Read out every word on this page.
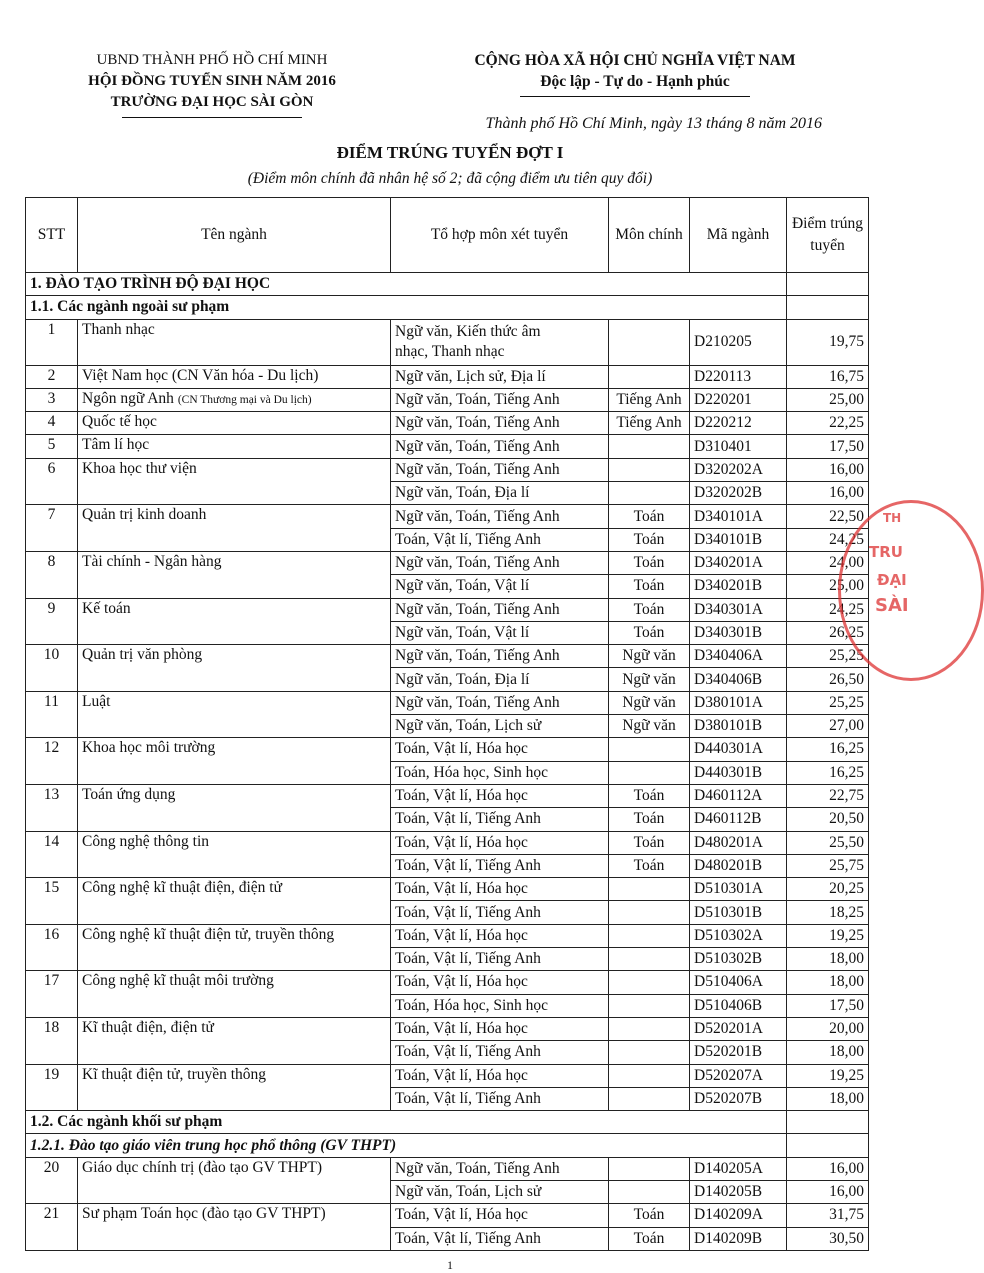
UBND THÀNH PHỐ HỒ CHÍ MINH
HỘI ĐỒNG TUYỂN SINH NĂM 2016
TRƯỜNG ĐẠI HỌC SÀI GÒN
CỘNG HÒA XÃ HỘI CHỦ NGHĨA VIỆT NAM
Độc lập - Tự do - Hạnh phúc
Thành phố Hồ Chí Minh, ngày 13 tháng 8 năm 2016
ĐIỂM TRÚNG TUYỂN ĐỢT I
(Điểm môn chính đã nhân hệ số 2; đã cộng điểm ưu tiên quy đổi)
STT	Tên ngành	Tổ hợp môn xét tuyển	Môn chính	Mã ngành	Điểm trúng tuyển
1. ĐÀO TẠO TRÌNH ĐỘ ĐẠI HỌC					
1.1. Các ngành ngoài sư phạm					
1	Thanh nhạc	Ngữ văn, Kiến thức âm
nhạc, Thanh nhạc		D210205	19,75
2	Việt Nam học (CN Văn hóa - Du lịch)	Ngữ văn, Lịch sử, Địa lí		D220113	16,75
3	Ngôn ngữ Anh (CN Thương mại và Du lịch)	Ngữ văn, Toán, Tiếng Anh	Tiếng Anh	D220201	25,00
4	Quốc tế học	Ngữ văn, Toán, Tiếng Anh	Tiếng Anh	D220212	22,25
5	Tâm lí học	Ngữ văn, Toán, Tiếng Anh		D310401	17,50
6	Khoa học thư viện	Ngữ văn, Toán, Tiếng Anh		D320202A	16,00

		Ngữ văn, Toán, Địa lí		D320202B	16,00
7	Quản trị kinh doanh	Ngữ văn, Toán, Tiếng Anh	Toán	D340101A	22,50

		Toán, Vật lí, Tiếng Anh	Toán	D340101B	24,25
8	Tài chính - Ngân hàng	Ngữ văn, Toán, Tiếng Anh	Toán	D340201A	24,00

		Ngữ văn, Toán, Vật lí	Toán	D340201B	25,00
9	Kế toán	Ngữ văn, Toán, Tiếng Anh	Toán	D340301A	24,25

		Ngữ văn, Toán, Vật lí	Toán	D340301B	26,25
10	Quản trị văn phòng	Ngữ văn, Toán, Tiếng Anh	Ngữ văn	D340406A	25,25

		Ngữ văn, Toán, Địa lí	Ngữ văn	D340406B	26,50
11	Luật	Ngữ văn, Toán, Tiếng Anh	Ngữ văn	D380101A	25,25

		Ngữ văn, Toán, Lịch sử	Ngữ văn	D380101B	27,00
12	Khoa học môi trường	Toán, Vật lí, Hóa học		D440301A	16,25

		Toán, Hóa học, Sinh học		D440301B	16,25
13	Toán ứng dụng	Toán, Vật lí, Hóa học	Toán	D460112A	22,75

		Toán, Vật lí, Tiếng Anh	Toán	D460112B	20,50
14	Công nghệ thông tin	Toán, Vật lí, Hóa học	Toán	D480201A	25,50

		Toán, Vật lí, Tiếng Anh	Toán	D480201B	25,75
15	Công nghệ kĩ thuật điện, điện tử	Toán, Vật lí, Hóa học		D510301A	20,25

		Toán, Vật lí, Tiếng Anh		D510301B	18,25
16	Công nghệ kĩ thuật điện tử, truyền thông	Toán, Vật lí, Hóa học		D510302A	19,25

		Toán, Vật lí, Tiếng Anh		D510302B	18,00
17	Công nghệ kĩ thuật môi trường	Toán, Vật lí, Hóa học		D510406A	18,00

		Toán, Hóa học, Sinh học		D510406B	17,50
18	Kĩ thuật điện, điện tử	Toán, Vật lí, Hóa học		D520201A	20,00

		Toán, Vật lí, Tiếng Anh		D520201B	18,00
19	Kĩ thuật điện tử, truyền thông	Toán, Vật lí, Hóa học		D520207A	19,25

		Toán, Vật lí, Tiếng Anh		D520207B	18,00
1.2. Các ngành khối sư phạm					
1.2.1. Đào tạo giáo viên trung học phổ thông (GV THPT)					
20	Giáo dục chính trị (đào tạo GV THPT)	Ngữ văn, Toán, Tiếng Anh		D140205A	16,00

		Ngữ văn, Toán, Lịch sử		D140205B	16,00
21	Sư phạm Toán học (đào tạo GV THPT)	Toán, Vật lí, Hóa học	Toán	D140209A	31,75

		Toán, Vật lí, Tiếng Anh	Toán	D140209B	30,50
TH
TRU
ĐẠI
SÀI
1
